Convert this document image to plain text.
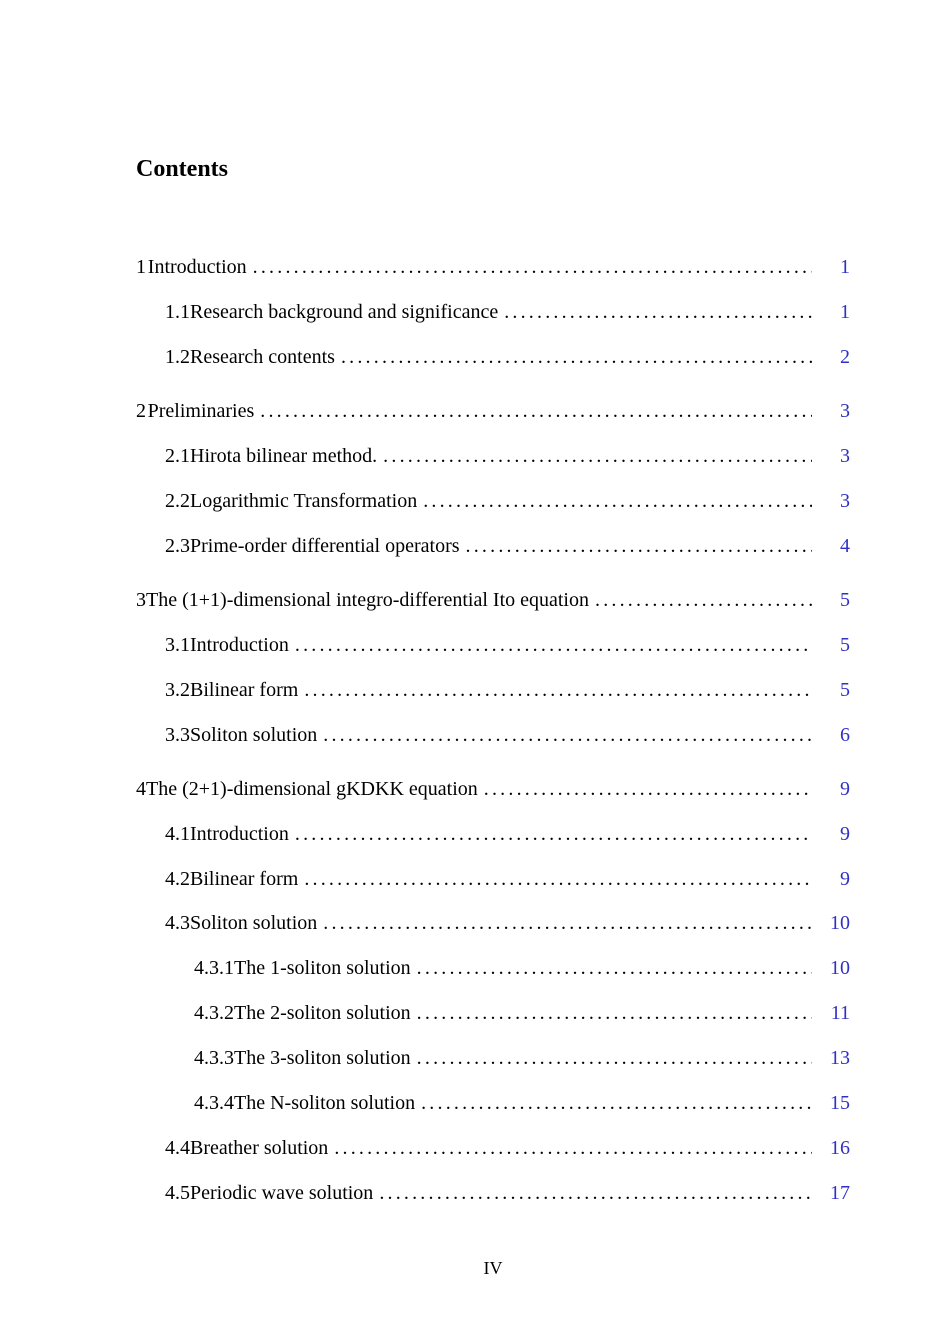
Contents
1 Introduction .....	1
1.1 Research background and significance .....	1
1.2 Research contents .....	2
2 Preliminaries .....	3
2.1 Hirota bilinear method. .....	3
2.2 Logarithmic Transformation .....	3
2.3 Prime-order differential operators .....	4
3 The (1+1)-dimensional integro-differential Ito equation .....	5
3.1 Introduction .....	5
3.2 Bilinear form .....	5
3.3 Soliton solution .....	6
4 The (2+1)-dimensional gKDKK equation .....	9
4.1 Introduction .....	9
4.2 Bilinear form .....	9
4.3 Soliton solution .....	10
4.3.1 The 1-soliton solution .....	10
4.3.2 The 2-soliton solution .....	11
4.3.3 The 3-soliton solution .....	13
4.3.4 The N-soliton solution .....	15
4.4 Breather solution .....	16
4.5 Periodic wave solution .....	17
IV
